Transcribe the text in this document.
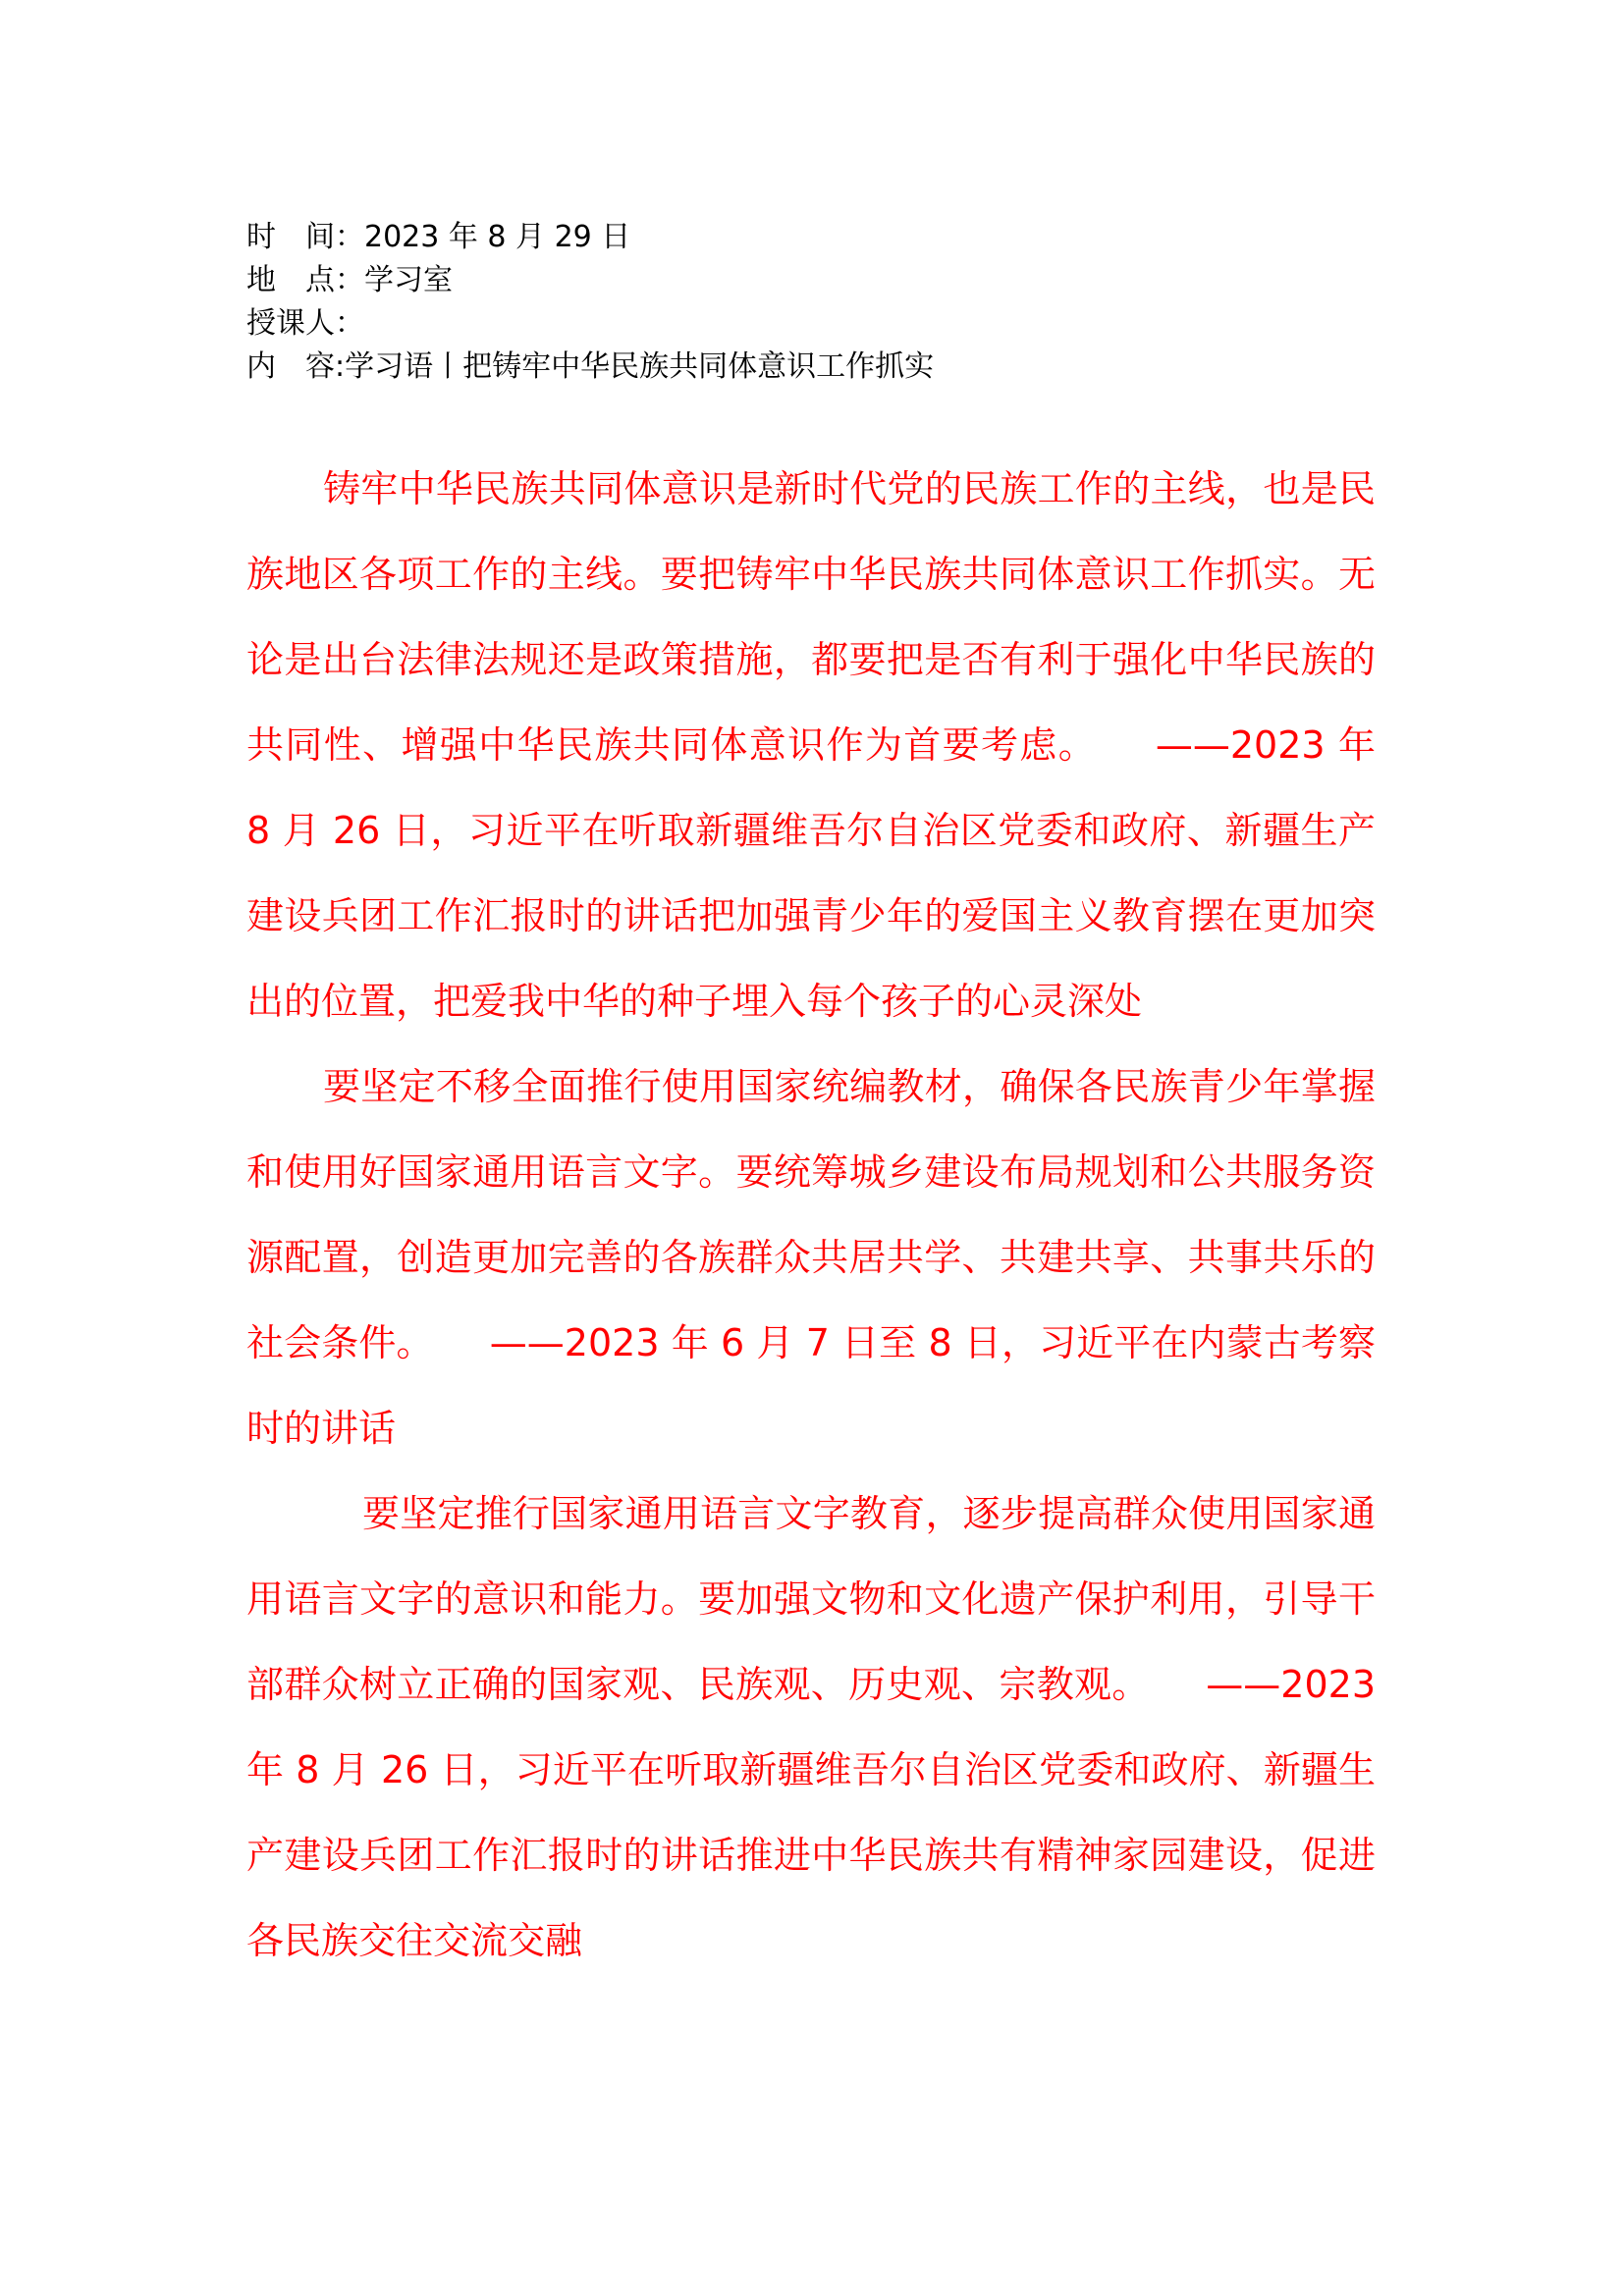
时　间：2023 年 8 月 29 日
地　点：学习室
授课人：
内　容:学习语丨把铸牢中华民族共同体意识工作抓实

铸牢中华民族共同体意识是新时代党的民族工作的主线，也是民族地区各项工作的主线。要把铸牢中华民族共同体意识工作抓实。无论是出台法律法规还是政策措施，都要把是否有利于强化中华民族的共同性、增强中华民族共同体意识作为首要考虑。　　——2023 年 8 月 26 日，习近平在听取新疆维吾尔自治区党委和政府、新疆生产建设兵团工作汇报时的讲话把加强青少年的爱国主义教育摆在更加突出的位置，把爱我中华的种子埋入每个孩子的心灵深处

要坚定不移全面推行使用国家统编教材，确保各民族青少年掌握和使用好国家通用语言文字。要统筹城乡建设布局规划和公共服务资源配置，创造更加完善的各族群众共居共学、共建共享、共事共乐的社会条件。　　——2023 年 6 月 7 日至 8 日，习近平在内蒙古考察时的讲话

要坚定推行国家通用语言文字教育，逐步提高群众使用国家通用语言文字的意识和能力。要加强文物和文化遗产保护利用，引导干部群众树立正确的国家观、民族观、历史观、宗教观。　　——2023 年 8 月 26 日，习近平在听取新疆维吾尔自治区党委和政府、新疆生产建设兵团工作汇报时的讲话推进中华民族共有精神家园建设，促进各民族交往交流交融
